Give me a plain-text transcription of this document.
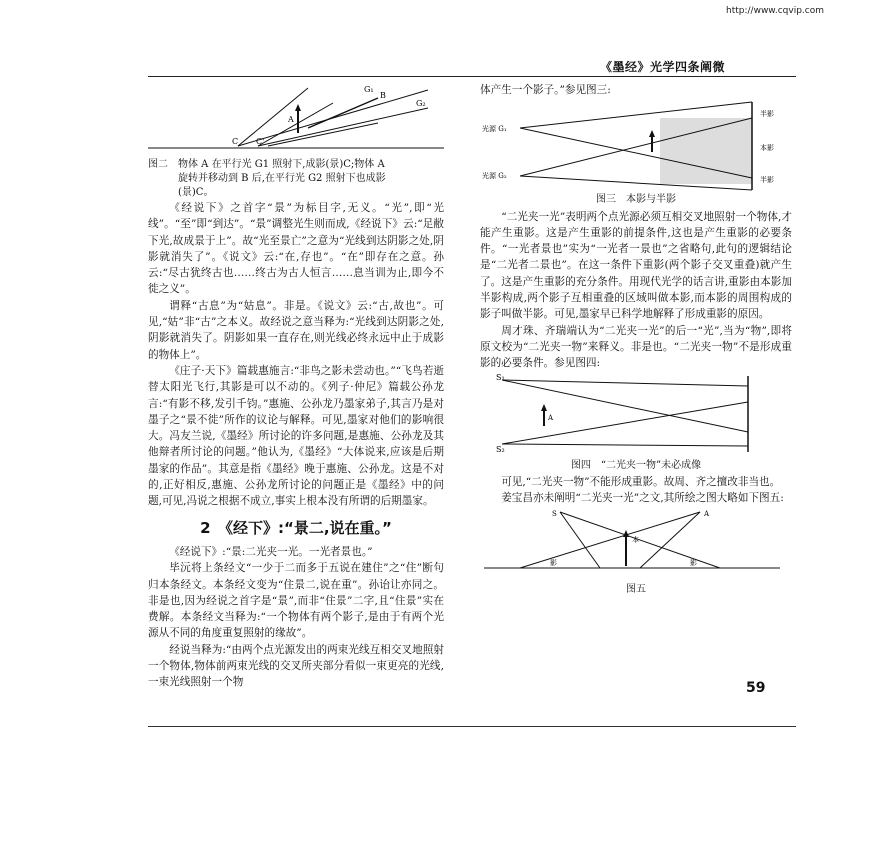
http://www.cqvip.com
《墨经》光学四条阐微
G₁
G₂
A
C
B
C'

图二　物体 A 在平行光 G1 照射下,成影(景)C;物体 A

旋转并移动到 B 后,在平行光 G2 照射下也成影

(景)C。

《经说下》之首字“景”为标目字,无义。“光”,即“光线”。“至”即“到达”。“景”调整光生则而成,《经说下》云:“足敝下光,故成景于上”。故“光至景亡”之意为“光线到达阴影之处,阴影就消失了”。《说文》云:“在,存也”。“在”即存在之意。孙云:“尽古犹终古也……终古为古人恒言……息当训为止,即今不徙之义”。

谓释“古息”为“姑息”。非是。《说文》云:“古,故也”。可见,“姑”非“古”之本义。故经说之意当释为:“光线到达阴影之处,阴影就消失了。阴影如果一直存在,则光线必终永远中止于成影的物体上”。

《庄子·天下》篇载惠施言:“非鸟之影未尝动也。”“飞鸟若逝替太阳光飞行,其影是可以不动的。《列子·仲尼》篇载公孙龙言:“有影不移,发引千钧。”惠施、公孙龙乃墨家弟子,其言乃是对墨子之“景不徙”所作的议论与解释。可见,墨家对他们的影响很大。冯友兰说,《墨经》所讨论的许多问题,是惠施、公孙龙及其他辩者所讨论的问题。”他认为,《墨经》“大体说来,应该是后期墨家的作品”。其意是指《墨经》晚于惠施、公孙龙。这是不对的,正好相反,惠施、公孙龙所讨论的问题正是《墨经》中的问题,可见,冯说之根据不成立,事实上根本没有所谓的后期墨家。

2　《经下》:“景二,说在重。”

《经说下》:“景:二光夹一光。一光者景也。”

毕沅将上条经文“一少于二而多于五说在建住”之“住”断句归本条经文。本条经文变为“住景二,说在重”。孙诒让亦同之。非是也,因为经说之首字是“景”,而非“住景”二字,且“住景”实在费解。本条经文当释为:“一个物体有两个影子,是由于有两个光源从不同的角度重复照射的缘故”。

经说当释为:“由两个点光源发出的两束光线互相交叉地照射一个物体,物体前两束光线的交叉所夹部分看似一束更亮的光线,一束光线照射一个物

体产生一个影子。”参见图三:

光源 G₁
光源 G₂
半影
本影
半影

图三　本影与半影

“二光夹一光”表明两个点光源必须互相交叉地照射一个物体,才能产生重影。这是产生重影的前提条件,这也是产生重影的必要条件。“一光者景也”实为“一光者一景也”之省略句,此句的逻辑结论是“二光者二景也”。在这一条件下重影(两个影子交叉重叠)就产生了。这是产生重影的充分条件。用现代光学的话言讲,重影由本影加半影构成,两个影子互相重叠的区域叫做本影,而本影的周围构成的影子叫做半影。可见,墨家早已科学地解释了形成重影的原因。

周才珠、齐瑞端认为“二光夹一光”的后一“光”,当为“物”,即将原文校为“二光夹一物”来释义。非是也。“二光夹一物”不是形成重影的必要条件。参见图四:

S₁
S₂
A

图四　“二光夹一物”未必成像

可见,“二光夹一物”不能形成重影。故周、齐之擅改非当也。

姜宝昌亦未阐明“二光夹一光”之文,其所绘之图大略如下图五:

S	A
本
影	影

图五

59
